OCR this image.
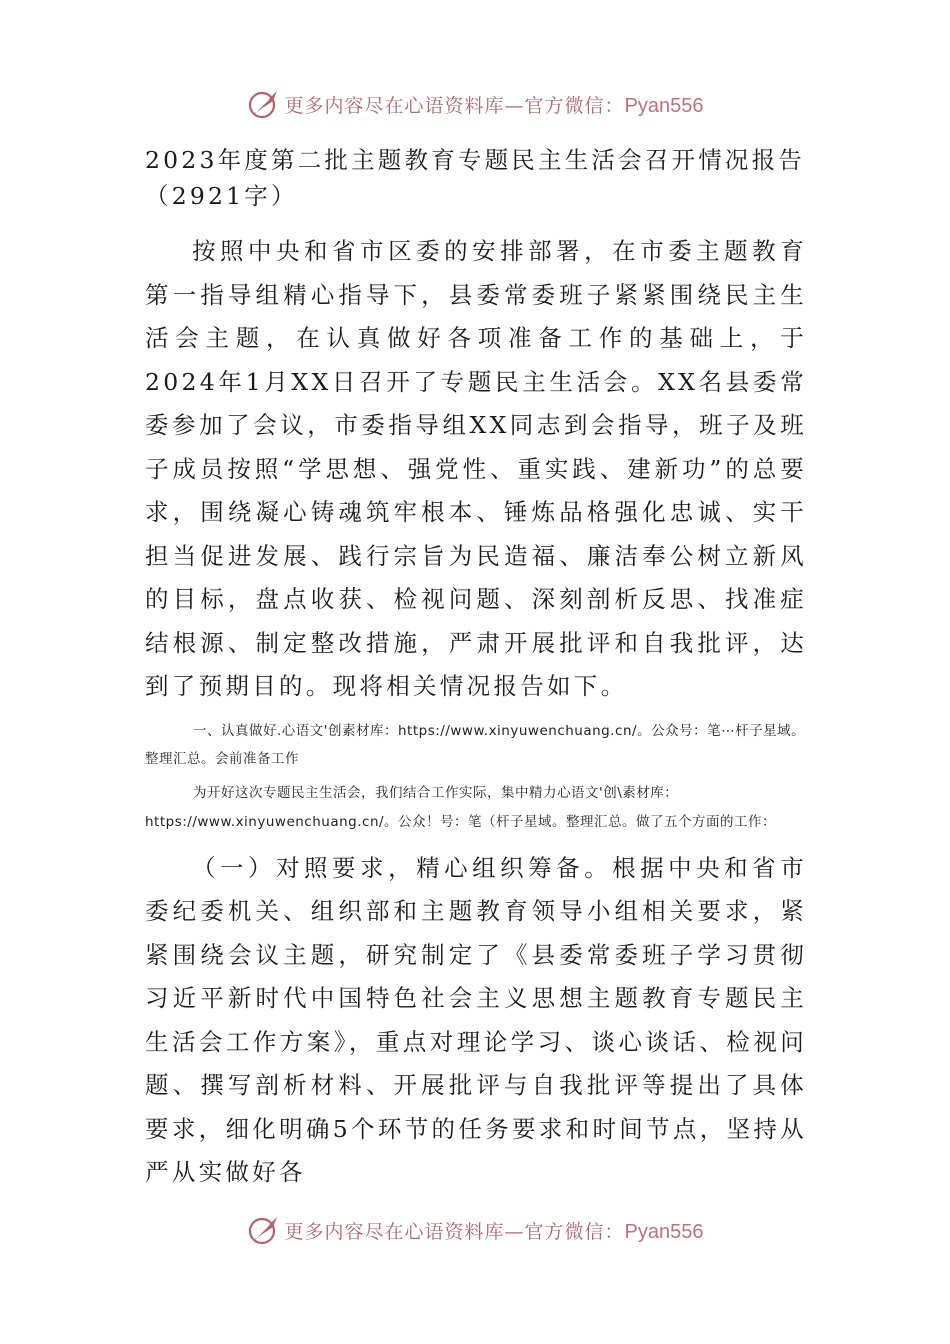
更多内容尽在心语资料库—官方微信：Pyan556

2023年度第二批主题教育专题民主生活会召开情况报告
（2921字）

按照中央和省市区委的安排部署，在市委主题教育第一指导组精心指导下，县委常委班子紧紧围绕民主生活会主题，在认真做好各项准备工作的基础上，于2024年1月XX日召开了专题民主生活会。XX名县委常委参加了会议，市委指导组XX同志到会指导，班子及班子成员按照“学思想、强党性、重实践、建新功”的总要求，围绕凝心铸魂筑牢根本、锤炼品格强化忠诚、实干担当促进发展、践行宗旨为民造福、廉洁奉公树立新风的目标，盘点收获、检视问题、深刻剖析反思、找准症结根源、制定整改措施，严肃开展批评和自我批评，达到了预期目的。现将相关情况报告如下。

一、认真做好.心语文'创素材库：https://www.xinyuwenchuang.cn/。公众号：笔⋯杆子星域。整理汇总。会前准备工作

为开好这次专题民主生活会，我们结合工作实际，集中精力心语文'创\素材库：https://www.xinyuwenchuang.cn/。公众！号：笔（杆子星域。整理汇总。做了五个方面的工作：

（一）对照要求，精心组织筹备。根据中央和省市委纪委机关、组织部和主题教育领导小组相关要求，紧紧围绕会议主题，研究制定了《县委常委班子学习贯彻习近平新时代中国特色社会主义思想主题教育专题民主生活会工作方案》，重点对理论学习、谈心谈话、检视问题、撰写剖析材料、开展批评与自我批评等提出了具体要求，细化明确5个环节的任务要求和时间节点，坚持从严从实做好各

更多内容尽在心语资料库—官方微信：Pyan556
